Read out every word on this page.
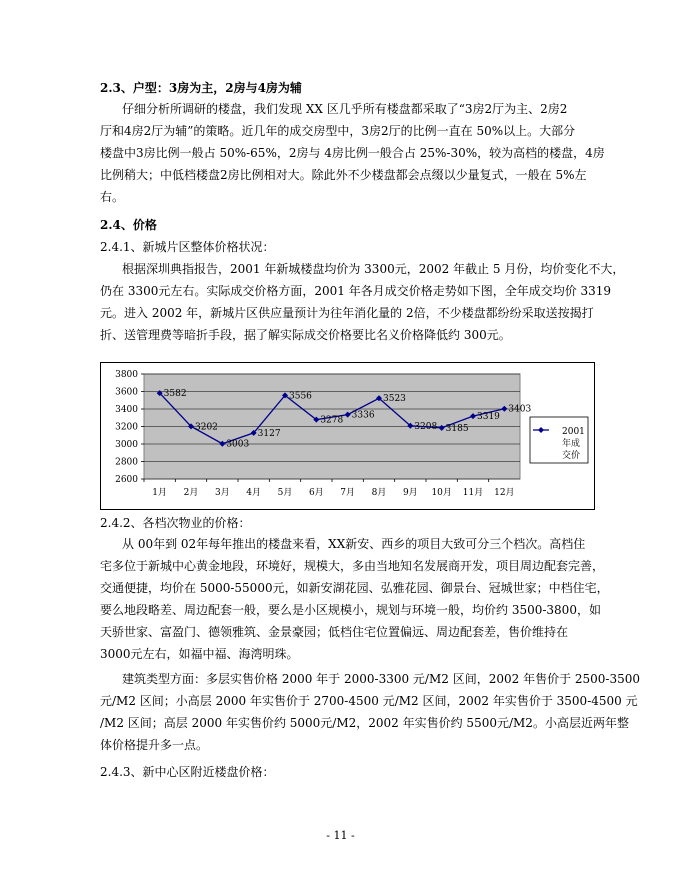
2.3、户型：3房为主，2房与4房为辅
仔细分析所调研的楼盘，我们发现 XX 区几乎所有楼盘都采取了“3房2厅为主、2房2
厅和4房2厅为辅”的策略。近几年的成交房型中，3房2厅的比例一直在 50%以上。大部分
楼盘中3房比例一般占 50%-65%，2房与 4房比例一般合占 25%-30%，较为高档的楼盘，4房
比例稍大；中低档楼盘2房比例相对大。除此外不少楼盘都会点缀以少量复式，一般在 5%左
右。
2.4、价格
2.4.1、新城片区整体价格状况：
根据深圳典指报告，2001 年新城楼盘均价为 3300元，2002 年截止 5 月份，均价变化不大，
仍在 3300元左右。实际成交价格方面，2001 年各月成交价格走势如下图，全年成交均价 3319
元。进入 2002 年，新城片区供应量预计为往年消化量的 2倍，不少楼盘都纷纷采取送按揭打
折、送管理费等暗折手段，据了解实际成交价格要比名义价格降低约 300元。
3800
3600
3400
3200
3000
2800
2600
1月 2月 3月 4月 5月 6月 7月 8月 9月 10月 11月 12月
3582
3202
3003
3127
3556
3278
3336
3523
3208 3185
3319
3403
2001
年成
交价
2.4.2、各档次物业的价格：
从 00年到 02年每年推出的楼盘来看，XX新安、西乡的项目大致可分三个档次。高档住
宅多位于新城中心黄金地段，环境好，规模大，多由当地知名发展商开发，项目周边配套完善，
交通便捷，均价在 5000-55000元，如新安湖花园、弘雅花园、御景台、冠城世家；中档住宅，
要么地段略差、周边配套一般，要么是小区规模小，规划与环境一般，均价约 3500-3800，如
天骄世家、富盈门、德领雅筑、金景豪园；低档住宅位置偏远、周边配套差，售价维持在
3000元左右，如福中福、海湾明珠。
建筑类型方面：多层实售价格 2000 年于 2000-3300 元/M2 区间，2002 年售价于 2500-3500
元/M2 区间；小高层 2000 年实售价于 2700-4500 元/M2 区间，2002 年实售价于 3500-4500 元
/M2 区间；高层 2000 年实售价约 5000元/M2，2002 年实售价约 5500元/M2。小高层近两年整
体价格提升多一点。
2.4.3、新中心区附近楼盘价格：
- 11 -
